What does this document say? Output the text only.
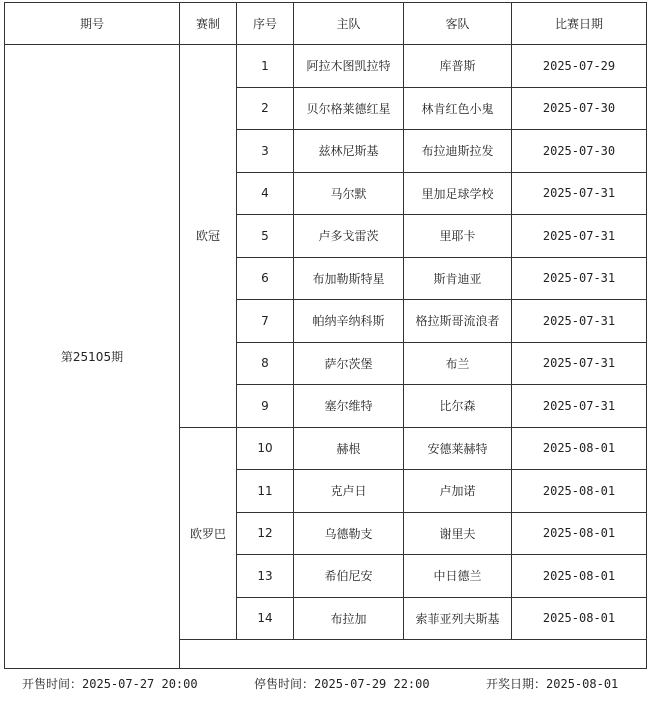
期号	赛制	序号	主队	客队	比赛日期
第25105期	欧冠	1	阿拉木图凯拉特	库普斯	2025-07-29
		2	贝尔格莱德红星	林肯红色小鬼	2025-07-30
		3	兹林尼斯基	布拉迪斯拉发	2025-07-30
		4	马尔默	里加足球学校	2025-07-31
		5	卢多戈雷茨	里耶卡	2025-07-31
		6	布加勒斯特星	斯肯迪亚	2025-07-31
		7	帕纳辛纳科斯	格拉斯哥流浪者	2025-07-31
		8	萨尔茨堡	布兰	2025-07-31
		9	塞尔维特	比尔森	2025-07-31
	欧罗巴	10	赫根	安德莱赫特	2025-08-01
		11	克卢日	卢加诺	2025-08-01
		12	乌德勒支	谢里夫	2025-08-01
		13	希伯尼安	中日德兰	2025-08-01
		14	布拉加	索菲亚列夫斯基	2025-08-01

开售时间：2025-07-27 20:00	停售时间：2025-07-29 22:00	开奖日期：2025-08-01
